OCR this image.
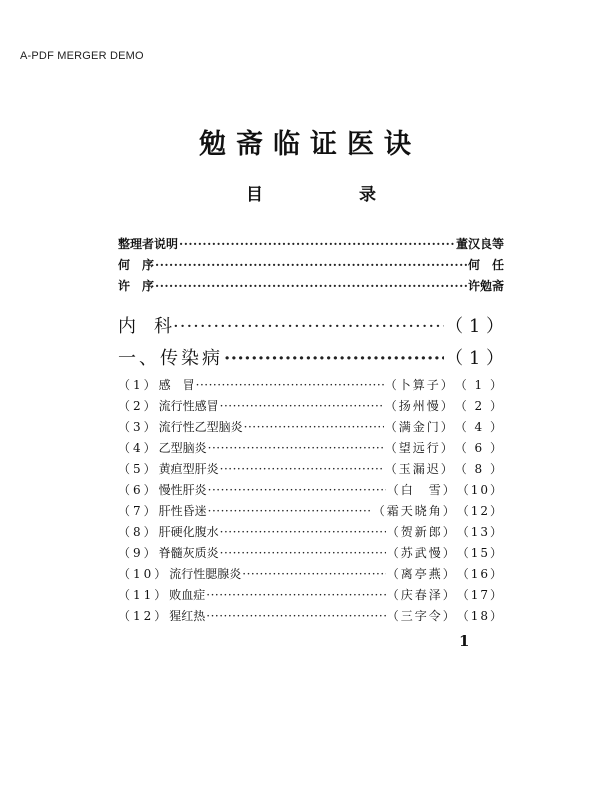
A-PDF MERGER DEMO
勉斋临证医诀
目	录
整理者说明 ·····	董汉良等
何　序 ·····	何　任
许　序 ·····	许勉斋
内　科 ·····	（ 1 ）
一、传染病 ·····	（ 1 ）
（1） 感　冒 ·····	（卜算子） （ 1 ）
（2） 流行性感冒 ·····	（扬州慢） （ 2 ）
（3） 流行性乙型脑炎 ·····	（满金门） （ 4 ）
（4） 乙型脑炎 ·····	（望远行） （ 6 ）
（5） 黄疸型肝炎 ·····	（玉漏迟） （ 8 ）
（6） 慢性肝炎 ·····	（白　雪） （10）
（7） 肝性昏迷 ·····	（霜天晓角） （12）
（8） 肝硬化腹水 ·····	（贺新郎） （13）
（9） 脊髓灰质炎 ·····	（苏武慢） （15）
（10） 流行性腮腺炎 ·····	（离亭燕） （16）
（11） 败血症 ·····	（庆春泽） （17）
（12） 猩红热 ·····	（三字令） （18）
1
